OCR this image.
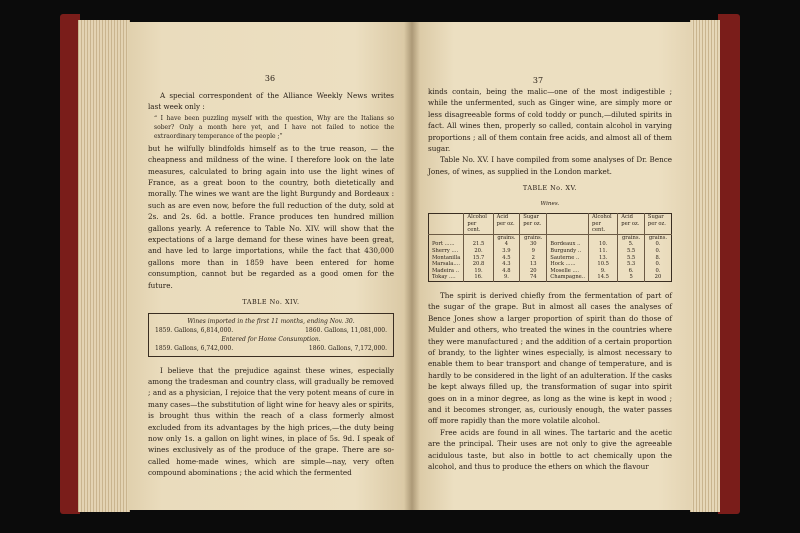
36

A special correspondent of the Alliance Weekly News writes last week only :

“ I have been puzzling myself with the question, Why are the Italians so sober? Only a month here yet, and I have not failed to notice the extraordinary temperance of the people ;”

but he wilfully blindfolds himself as to the true reason, — the cheapness and mildness of the wine. I therefore look on the late measures, calculated to bring again into use the light wines of France, as a great boon to the country, both dietetically and morally. The wines we want are the light Burgundy and Bordeaux : such as are even now, before the full reduction of the duty, sold at 2s. and 2s. 6d. a bottle. France produces ten hundred million gallons yearly. A reference to Table No. XIV. will show that the expectations of a large demand for these wines have been great, and have led to large importations, while the fact that 430,000 gallons more than in 1859 have been entered for home consumption, cannot but be regarded as a good omen for the future.

TABLE No. XIV.
Wines imported in the first 11 months, ending Nov. 30.
1859. Gallons, 6,814,000.	1860. Gallons, 11,081,000.
Entered for Home Consumption.
1859. Gallons, 6,742,000.	1860. Gallons, 7,172,000.

I believe that the prejudice against these wines, especially among the tradesman and country class, will gradually be removed ; and as a physician, I rejoice that the very potent means of cure in many cases—the substitution of light wine for heavy ales or spirits, is brought thus within the reach of a class formerly almost excluded from its advantages by the high prices,—the duty being now only 1s. a gallon on light wines, in place of 5s. 9d. I speak of wines exclusively as of the produce of the grape. There are so-called home-made wines, which are simple—nay, very often compound abominations ; the acid which the fermented

37

kinds contain, being the malic—one of the most indigestible ; while the unfermented, such as Ginger wine, are simply more or less disagreeable forms of cold toddy or punch,—diluted spirits in fact. All wines then, properly so called, contain alcohol in varying proportions ; all of them contain free acids, and almost all of them sugar.

Table No. XV. I have compiled from some analyses of Dr. Bence Jones, of wines, as supplied in the London market.

TABLE No. XV.
Wines.
	Alcohol per cent.	Acid per oz.	Sugar per oz.		Alcohol per cent.	Acid per oz.	Sugar per oz.
		grains.	grains.			grains.	grains.
Port ......	21.5	4	30	Bordeaux ..	10.	5.	0.
Sherry ....	20.	3.9	9	Burgundy ..	11.	5.5	0.
Montanilla	15.7	4.5	2	Sauterne ..	13.	5.5	8.
Marsala....	20.8	4.3	13	Hock ......	10.5	5.3	0.
Madeira ..	19.	4.8	20	Moselle ....	9.	6.	0.
Tokay ....	16.	9.	74	Champagne..	14.5	5	20

The spirit is derived chiefly from the fermentation of part of the sugar of the grape. But in almost all cases the analyses of Bence Jones show a larger proportion of spirit than do those of Mulder and others, who treated the wines in the countries where they were manufactured ; and the addition of a certain proportion of brandy, to the lighter wines especially, is almost necessary to enable them to bear transport and change of temperature, and is hardly to be considered in the light of an adulteration. If the casks be kept always filled up, the transformation of sugar into spirit goes on in a minor degree, as long as the wine is kept in wood ; and it becomes stronger, as, curiously enough, the water passes off more rapidly than the more volatile alcohol.

Free acids are found in all wines. The tartaric and the acetic are the principal. Their uses are not only to give the agreeable acidulous taste, but also in bottle to act chemically upon the alcohol, and thus to produce the ethers on which the flavour
